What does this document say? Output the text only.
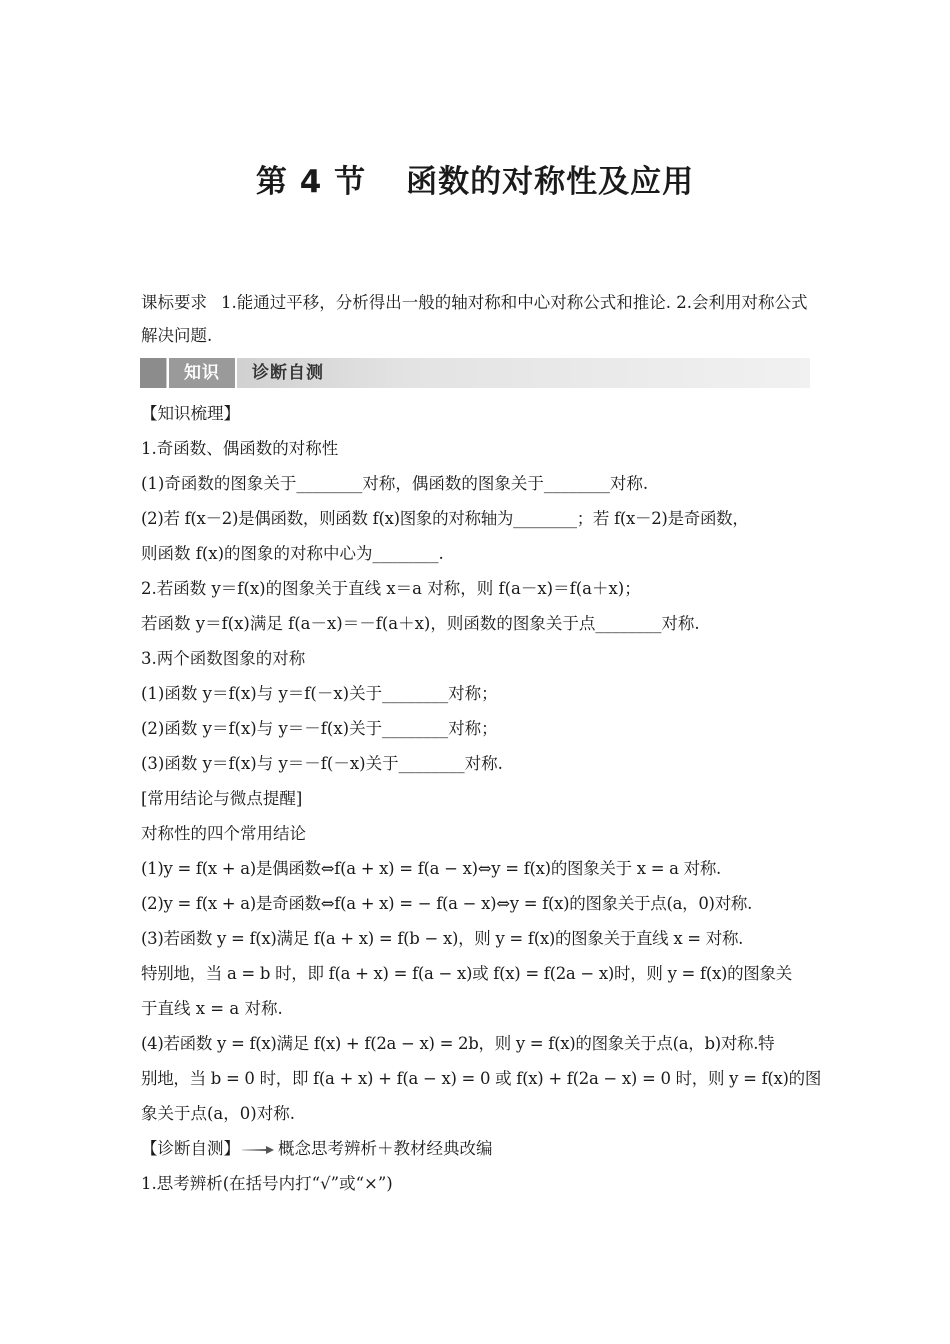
第 4 节 函数的对称性及应用

课标要求 1.能通过平移，分析得出一般的轴对称和中心对称公式和推论. 2.会利用对称公式解决问题.

知识	诊断自测

【知识梳理】

1.奇函数、偶函数的对称性

(1)奇函数的图象关于________对称，偶函数的图象关于________对称.

(2)若 f(x－2)是偶函数，则函数 f(x)图象的对称轴为________；若 f(x－2)是奇函数，

则函数 f(x)的图象的对称中心为________.

2.若函数 y＝f(x)的图象关于直线 x＝a 对称，则 f(a－x)＝f(a＋x)；

若函数 y＝f(x)满足 f(a－x)＝－f(a＋x)，则函数的图象关于点________对称.

3.两个函数图象的对称

(1)函数 y＝f(x)与 y＝f(－x)关于________对称；

(2)函数 y＝f(x)与 y＝－f(x)关于________对称；

(3)函数 y＝f(x)与 y＝－f(－x)关于________对称.

[常用结论与微点提醒]

对称性的四个常用结论

(1)y = f(x + a)是偶函数⇔f(a + x) = f(a − x)⇔y = f(x)的图象关于 x = a 对称.

(2)y = f(x + a)是奇函数⇔f(a + x) = − f(a − x)⇔y = f(x)的图象关于点(a，0)对称.

(3)若函数 y = f(x)满足 f(a + x) = f(b − x)，则 y = f(x)的图象关于直线 x = 对称.

特别地，当 a = b 时，即 f(a + x) = f(a − x)或 f(x) = f(2a − x)时，则 y = f(x)的图象关

于直线 x = a 对称.

(4)若函数 y = f(x)满足 f(x) + f(2a − x) = 2b，则 y = f(x)的图象关于点(a，b)对称.特

别地，当 b = 0 时，即 f(a + x) + f(a − x) = 0 或 f(x) + f(2a − x) = 0 时，则 y = f(x)的图

象关于点(a，0)对称.

【诊断自测】 概念思考辨析＋教材经典改编

1.思考辨析(在括号内打“√”或“×”)
